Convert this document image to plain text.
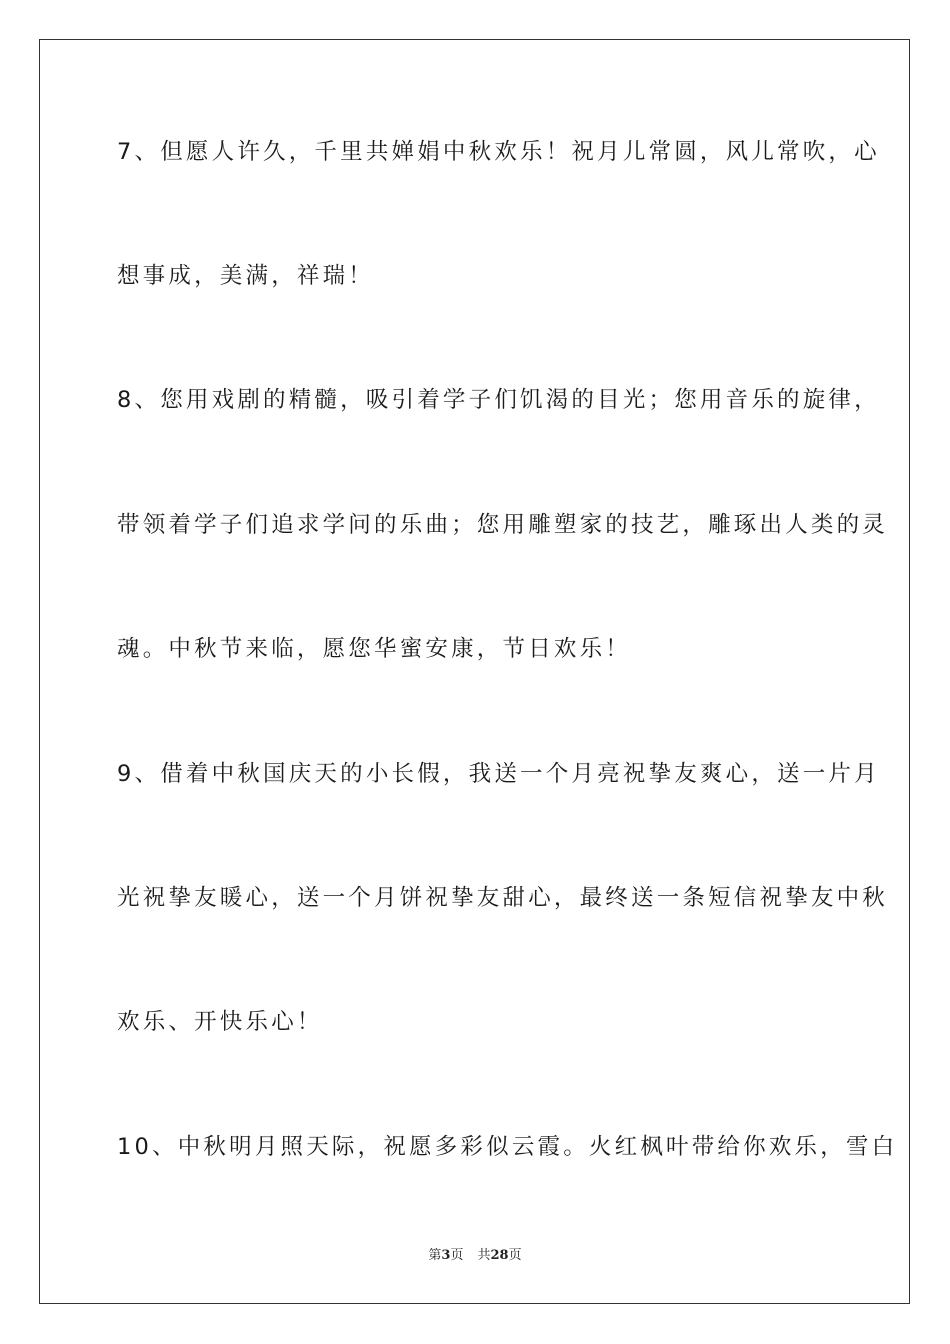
7、但愿人许久，千里共婵娟中秋欢乐！祝月儿常圆，风儿常吹，心

想事成，美满，祥瑞！

8、您用戏剧的精髓，吸引着学子们饥渴的目光；您用音乐的旋律，

带领着学子们追求学问的乐曲；您用雕塑家的技艺，雕琢出人类的灵

魂。中秋节来临，愿您华蜜安康，节日欢乐！

9、借着中秋国庆天的小长假，我送一个月亮祝挚友爽心，送一片月

光祝挚友暖心，送一个月饼祝挚友甜心，最终送一条短信祝挚友中秋

欢乐、开快乐心！

10、中秋明月照天际，祝愿多彩似云霞。火红枫叶带给你欢乐，雪白

第3页 共28页
